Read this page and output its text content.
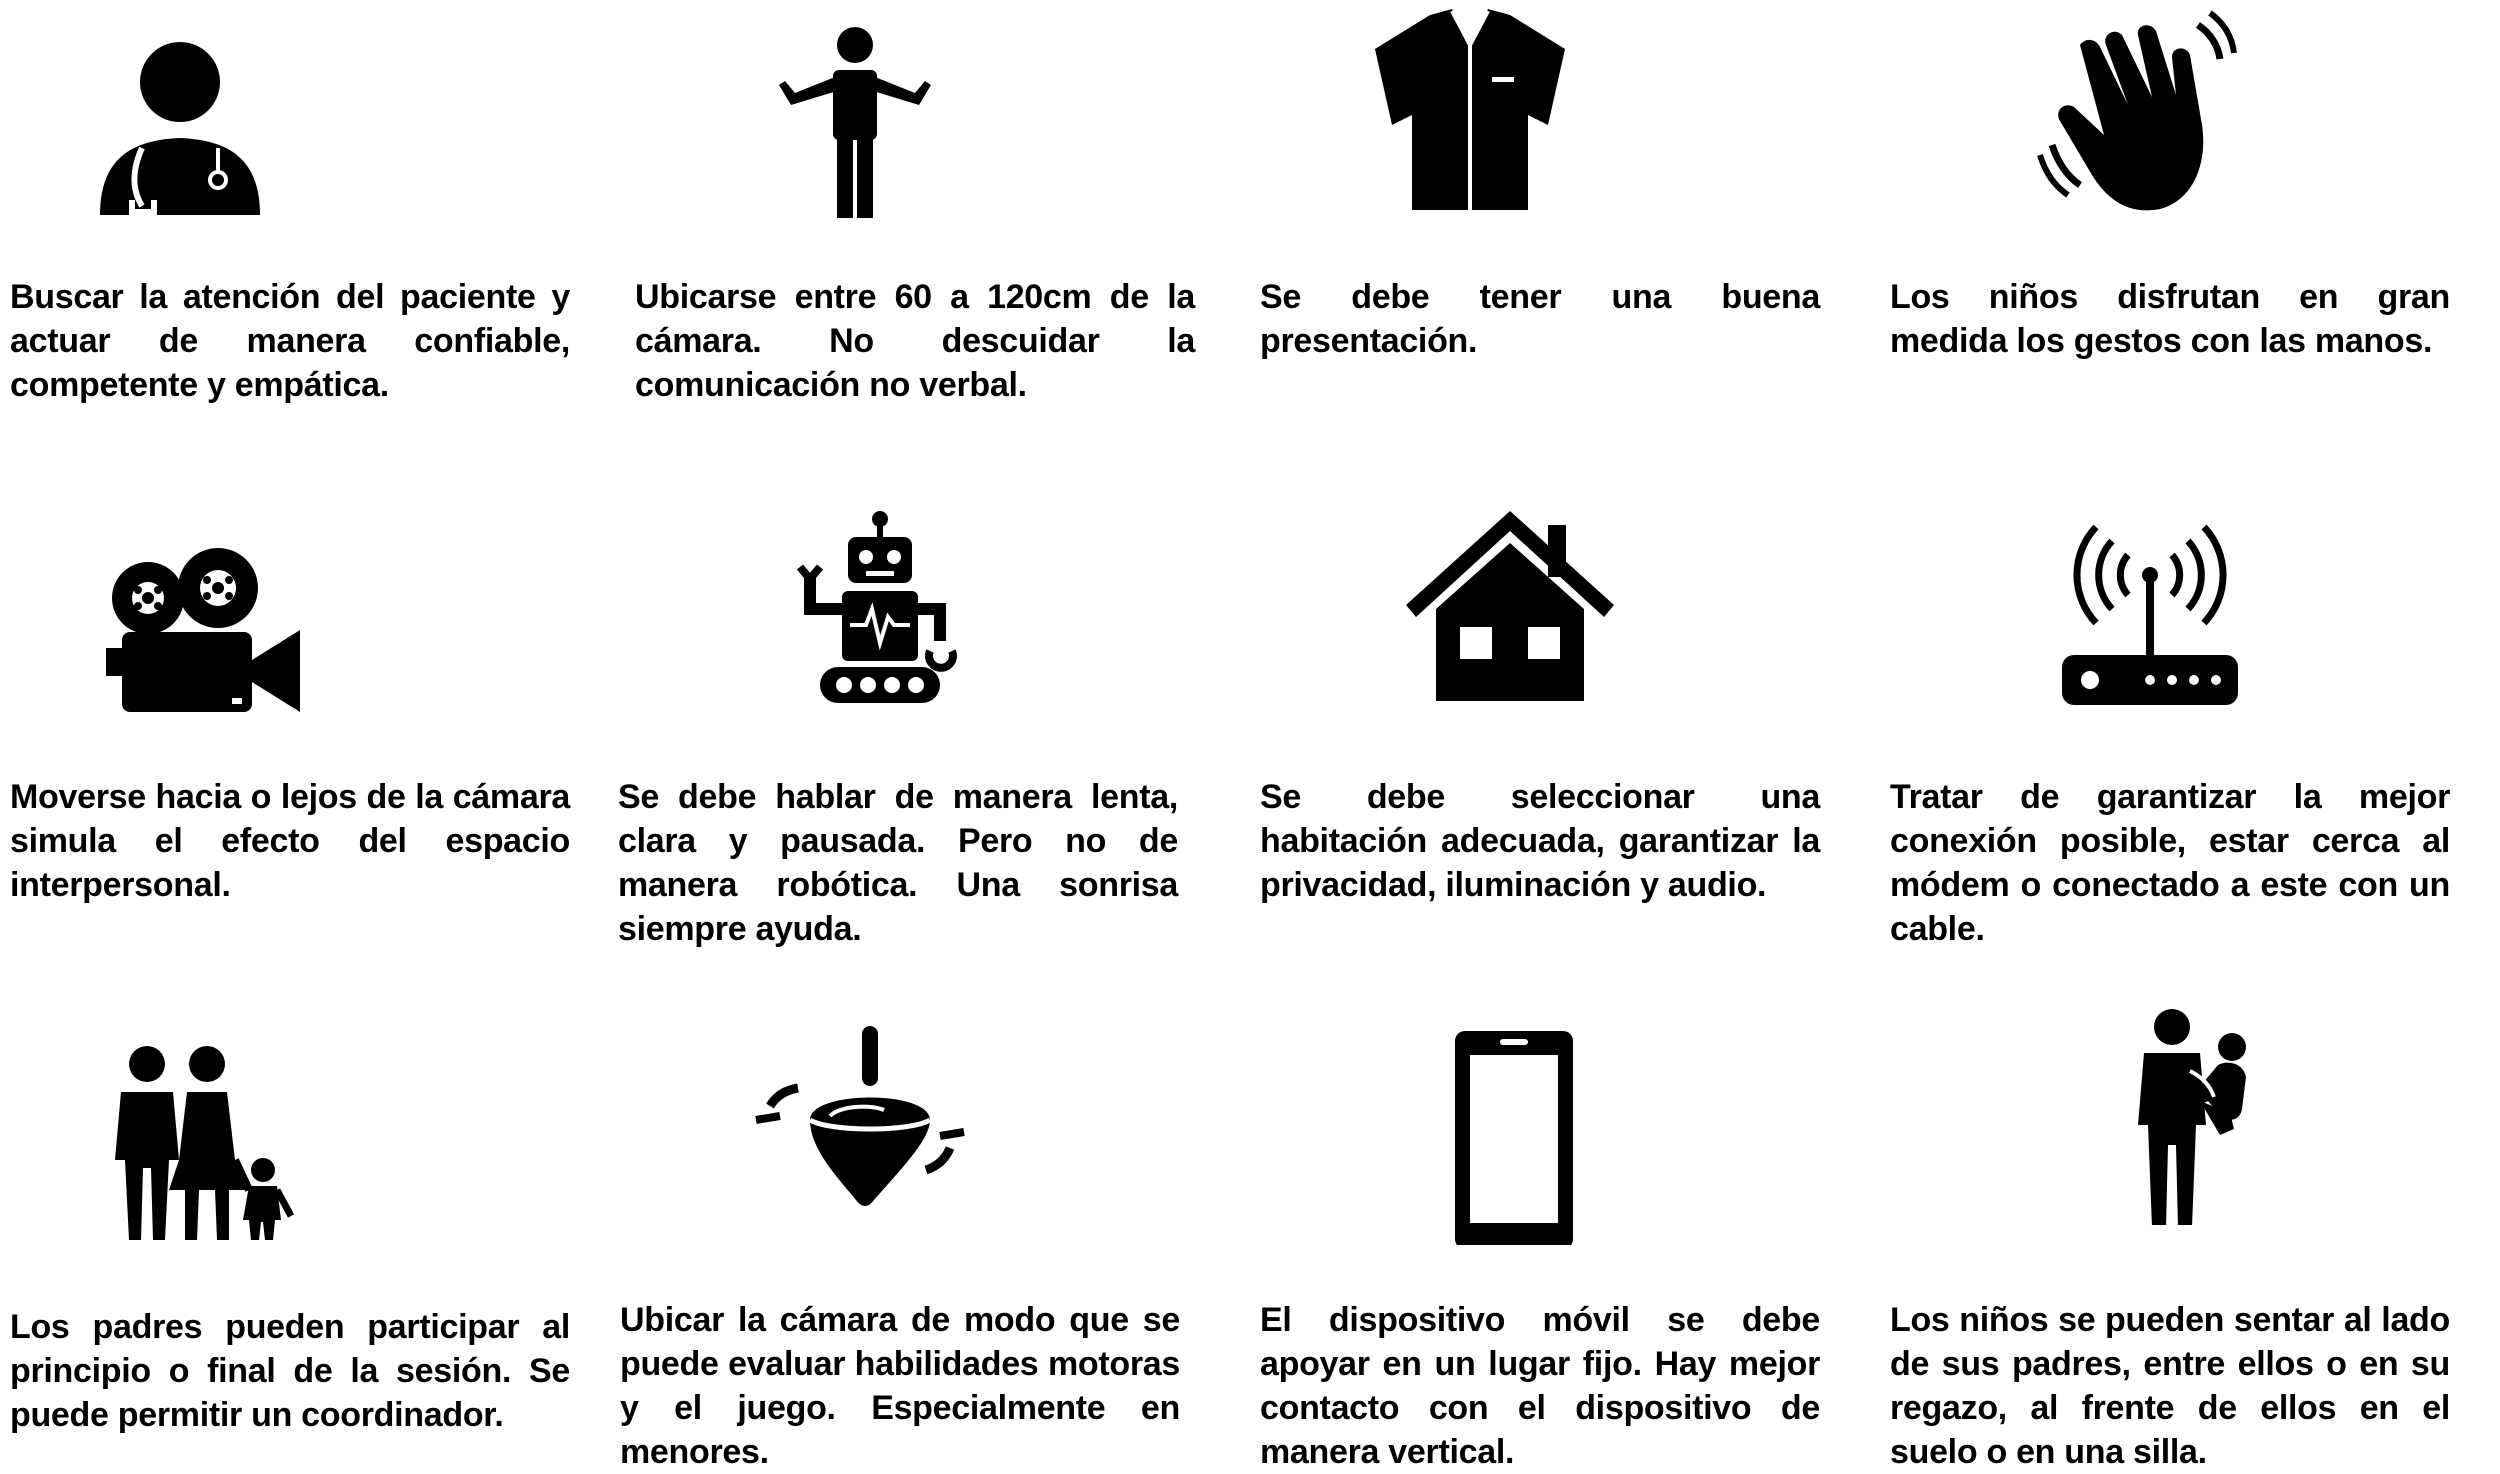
Buscar la atención del paciente y actuar de manera confiable, competente y empática.
Ubicarse entre 60 a 120cm de la cámara. No descuidar la comunicación no verbal.
Se debe tener una buena presentación.
Los niños disfrutan en gran medida los gestos con las manos.
Moverse hacia o lejos de la cámara simula el efecto del espacio interpersonal.
Se debe hablar de manera lenta, clara y pausada. Pero no de manera robótica. Una sonrisa siempre ayuda.
Se debe seleccionar una habitación adecuada, garantizar la privacidad, iluminación y audio.
Tratar de garantizar la mejor conexión posible, estar cerca al módem o conectado a este con un cable.
Los padres pueden participar al principio o final de la sesión. Se puede permitir un coordinador.
Ubicar la cámara de modo que se puede evaluar habilidades motoras y el juego. Especialmente en menores.
El dispositivo móvil se debe apoyar en un lugar fijo. Hay mejor contacto con el dispositivo de manera vertical.
Los niños se pueden sentar al lado de sus padres, entre ellos o en su regazo, al frente de ellos en el suelo o en una silla.
